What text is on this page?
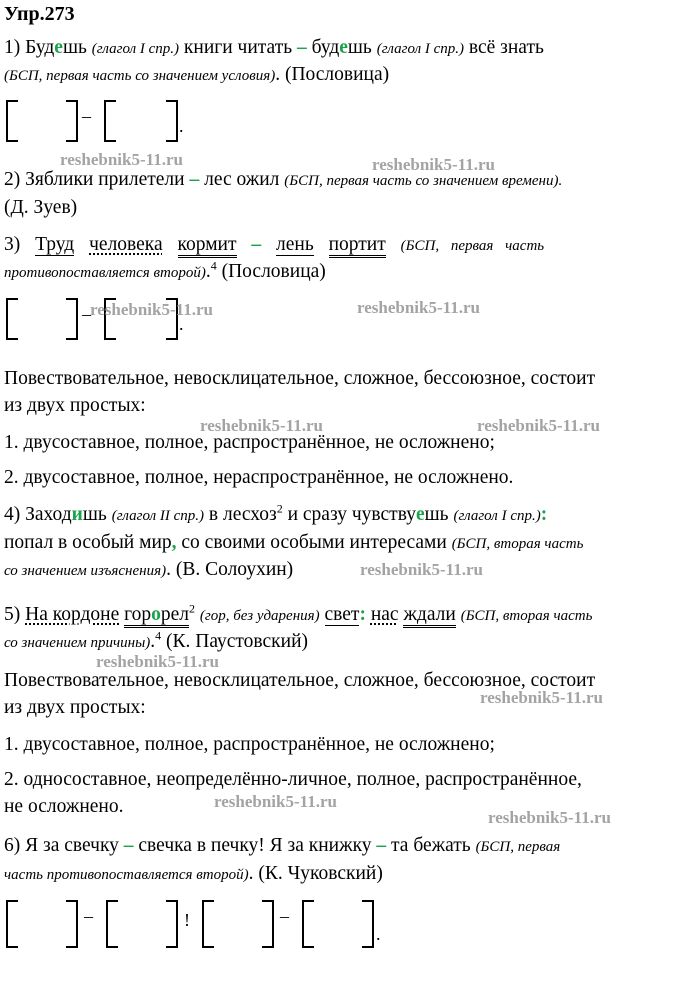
Упр.273
1) Будешь (глагол I спр.) книги читать – будешь (глагол I спр.) всё знать
(БСП, первая часть со значением условия). (Пословица)
–	.
2) Зяблики прилетели – лес ожил (БСП, первая часть со значением времени).
(Д. Зуев)
3) Труд человека кормит – лень портит (БСП, первая часть
противопоставляется второй).$^4$ (Пословица)
–	.
Повествовательное, невосклицательное, сложное, бессоюзное, состоит
из двух простых:
1. двусоставное, полное, распространённое, не осложнено;
2. двусоставное, полное, нераспространённое, не осложнено.
4) Заходишь (глагол II спр.) в лесхоз$^2$ и сразу чувствуешь (глагол I спр.):
попал в особый мир, со своими особыми интересами (БСП, вторая часть
со значением изъяснения). (В. Солоухин)
5) На кордоне горорел$^2$ (гор, без ударения) свет: нас ждали (БСП, вторая часть
со значением причины).$^4$ (К. Паустовский)
Повествовательное, невосклицательное, сложное, бессоюзное, состоит
из двух простых:
1. двусоставное, полное, распространённое, не осложнено;
2. односоставное, неопределённо-личное, полное, распространённое,
не осложнено.
6) Я за свечку – свечка в печку! Я за книжку – та бежать (БСП, первая
часть противопоставляется второй). (К. Чуковский)
–	!	–
.
reshebnik5-11.ru	reshebnik5-11.ru
reshebnik5-11.ru	reshebnik5-11.ru
reshebnik5-11.ru	reshebnik5-11.ru
reshebnik5-11.ru
reshebnik5-11.ru
reshebnik5-11.ru
reshebnik5-11.ru
reshebnik5-11.ru
